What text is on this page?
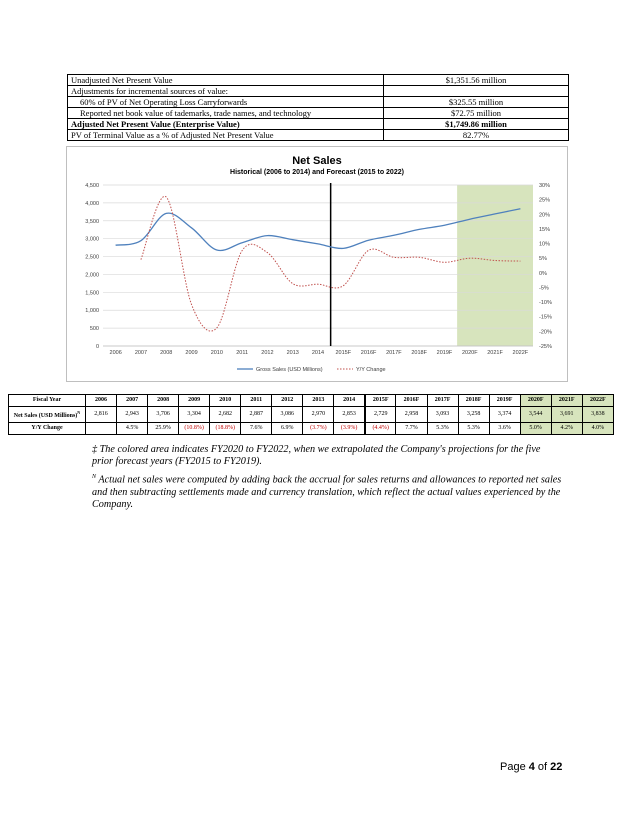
Unadjusted Net Present Value	$1,351.56 million
Adjustments for incremental sources of value:	
60% of PV of Net Operating Loss Carryforwards	$325.55 million
Reported net book value of tademarks, trade names, and technology	$72.75 million
Adjusted Net Present Value (Enterprise Value)	$1,749.86 million
PV of Terminal Value as a % of Adjusted Net Present Value	82.77%
Net Sales
Historical (2006 to 2014) and Forecast (2015 to 2022)
0
500
1,000
1,500
2,000
2,500
3,000
3,500
4,000
4,500
-25%
-20%
-15%
-10%
-5%
0%
5%
10%
15%
20%
25%
30%
2006 2007 2008 2009 2010 2011 2012 2013 2014 2015F 2016F 2017F 2018F 2019F 2020F 2021F 2022F
Gross Sales (USD Millions)	Y/Y Change
Fiscal Year	2006	2007	2008	2009	2010	2011	2012	2013	2014	2015F	2016F	2017F	2018F	2019F	2020F	2021F	2022F
Net Sales (USD Millions)$^N$	2,816	2,943	3,706	3,304	2,682	2,887	3,086	2,970	2,853	2,729	2,958	3,093	3,258	3,374	3,544	3,691	3,838
Y/Y Change		4.5%	25.9%	(10.8%)	(18.8%)	7.6%	6.9%	(3.7%)	(3.9%)	(4.4%)	7.7%	5.3%	5.3%	3.6%	5.0%	4.2%	4.0%

‡ The colored area indicates FY2020 to FY2022, when we extrapolated the Company's projections for the five prior forecast years (FY2015 to FY2019).

$^N$ Actual net sales were computed by adding back the accrual for sales returns and allowances to reported net sales and then subtracting settlements made and currency translation, which reflect the actual values experienced by the Company.

Page 4 of 22
